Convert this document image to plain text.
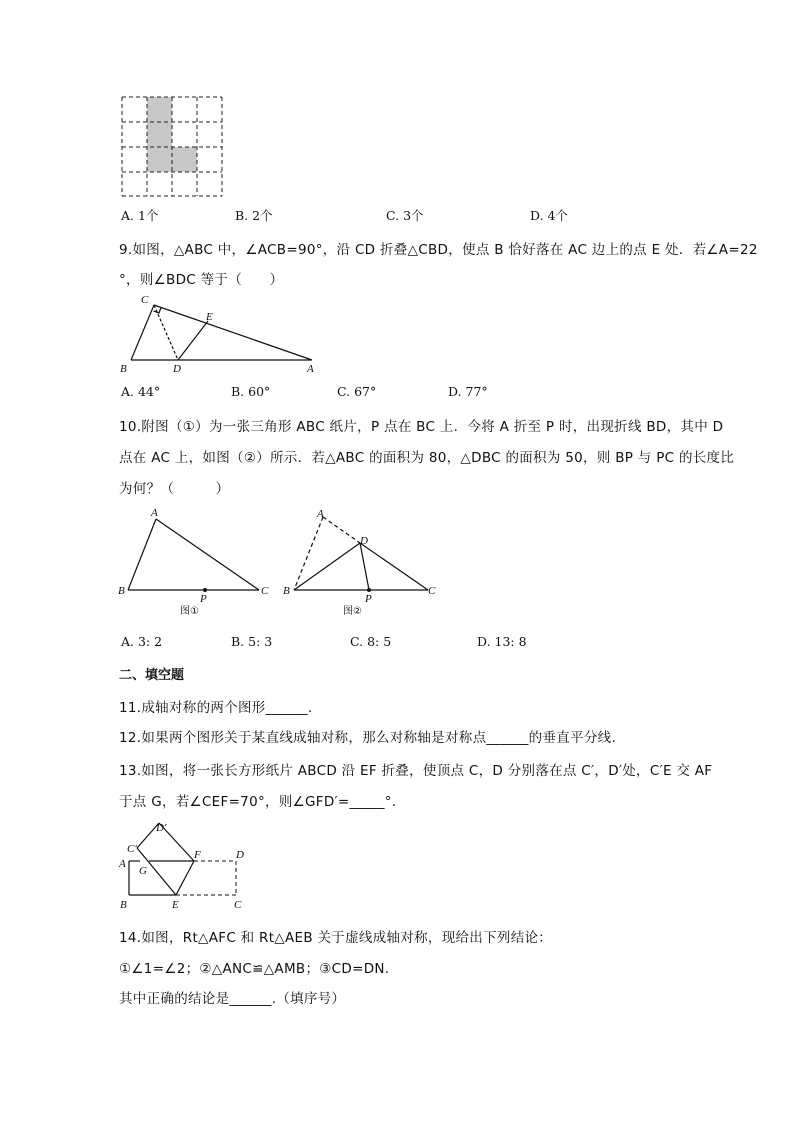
A. 1个	B. 2个	C. 3个	D. 4个
9.如图，△ABC 中，∠ACB=90°，沿 CD 折叠△CBD，使点 B 恰好落在 AC 边上的点 E 处．若∠A=22
°，则∠BDC 等于（　　）
C
E
B	D	A
A. 44°	B. 60°	C. 67°	D. 77°
10.附图（①）为一张三角形 ABC 纸片，P 点在 BC 上．今将 A 折至 P 时，出现折线 BD，其中 D
点在 AC 上，如图（②）所示．若△ABC 的面积为 80，△DBC 的面积为 50，则 BP 与 PC 的长度比
为何？（　　　）
A
B
P
C
图①
A
D
B
P
C
图②
A. 3: 2	B. 5: 3	C. 8: 5	D. 13: 8
二、填空题
11.成轴对称的两个图形______.
12.如果两个图形关于某直线成轴对称，那么对称轴是对称点______的垂直平分线.
13.如图，将一张长方形纸片 ABCD 沿 EF 折叠，使顶点 C，D 分别落在点 C′，D′处，C′E 交 AF
于点 G，若∠CEF=70°，则∠GFD′=_____°．
D′
C′	F	D
A
G
B	E	C
14.如图，Rt△AFC 和 Rt△AEB 关于虚线成轴对称，现给出下列结论：
①∠1=∠2；②△ANC≌△AMB；③CD=DN.
其中正确的结论是______.（填序号）
